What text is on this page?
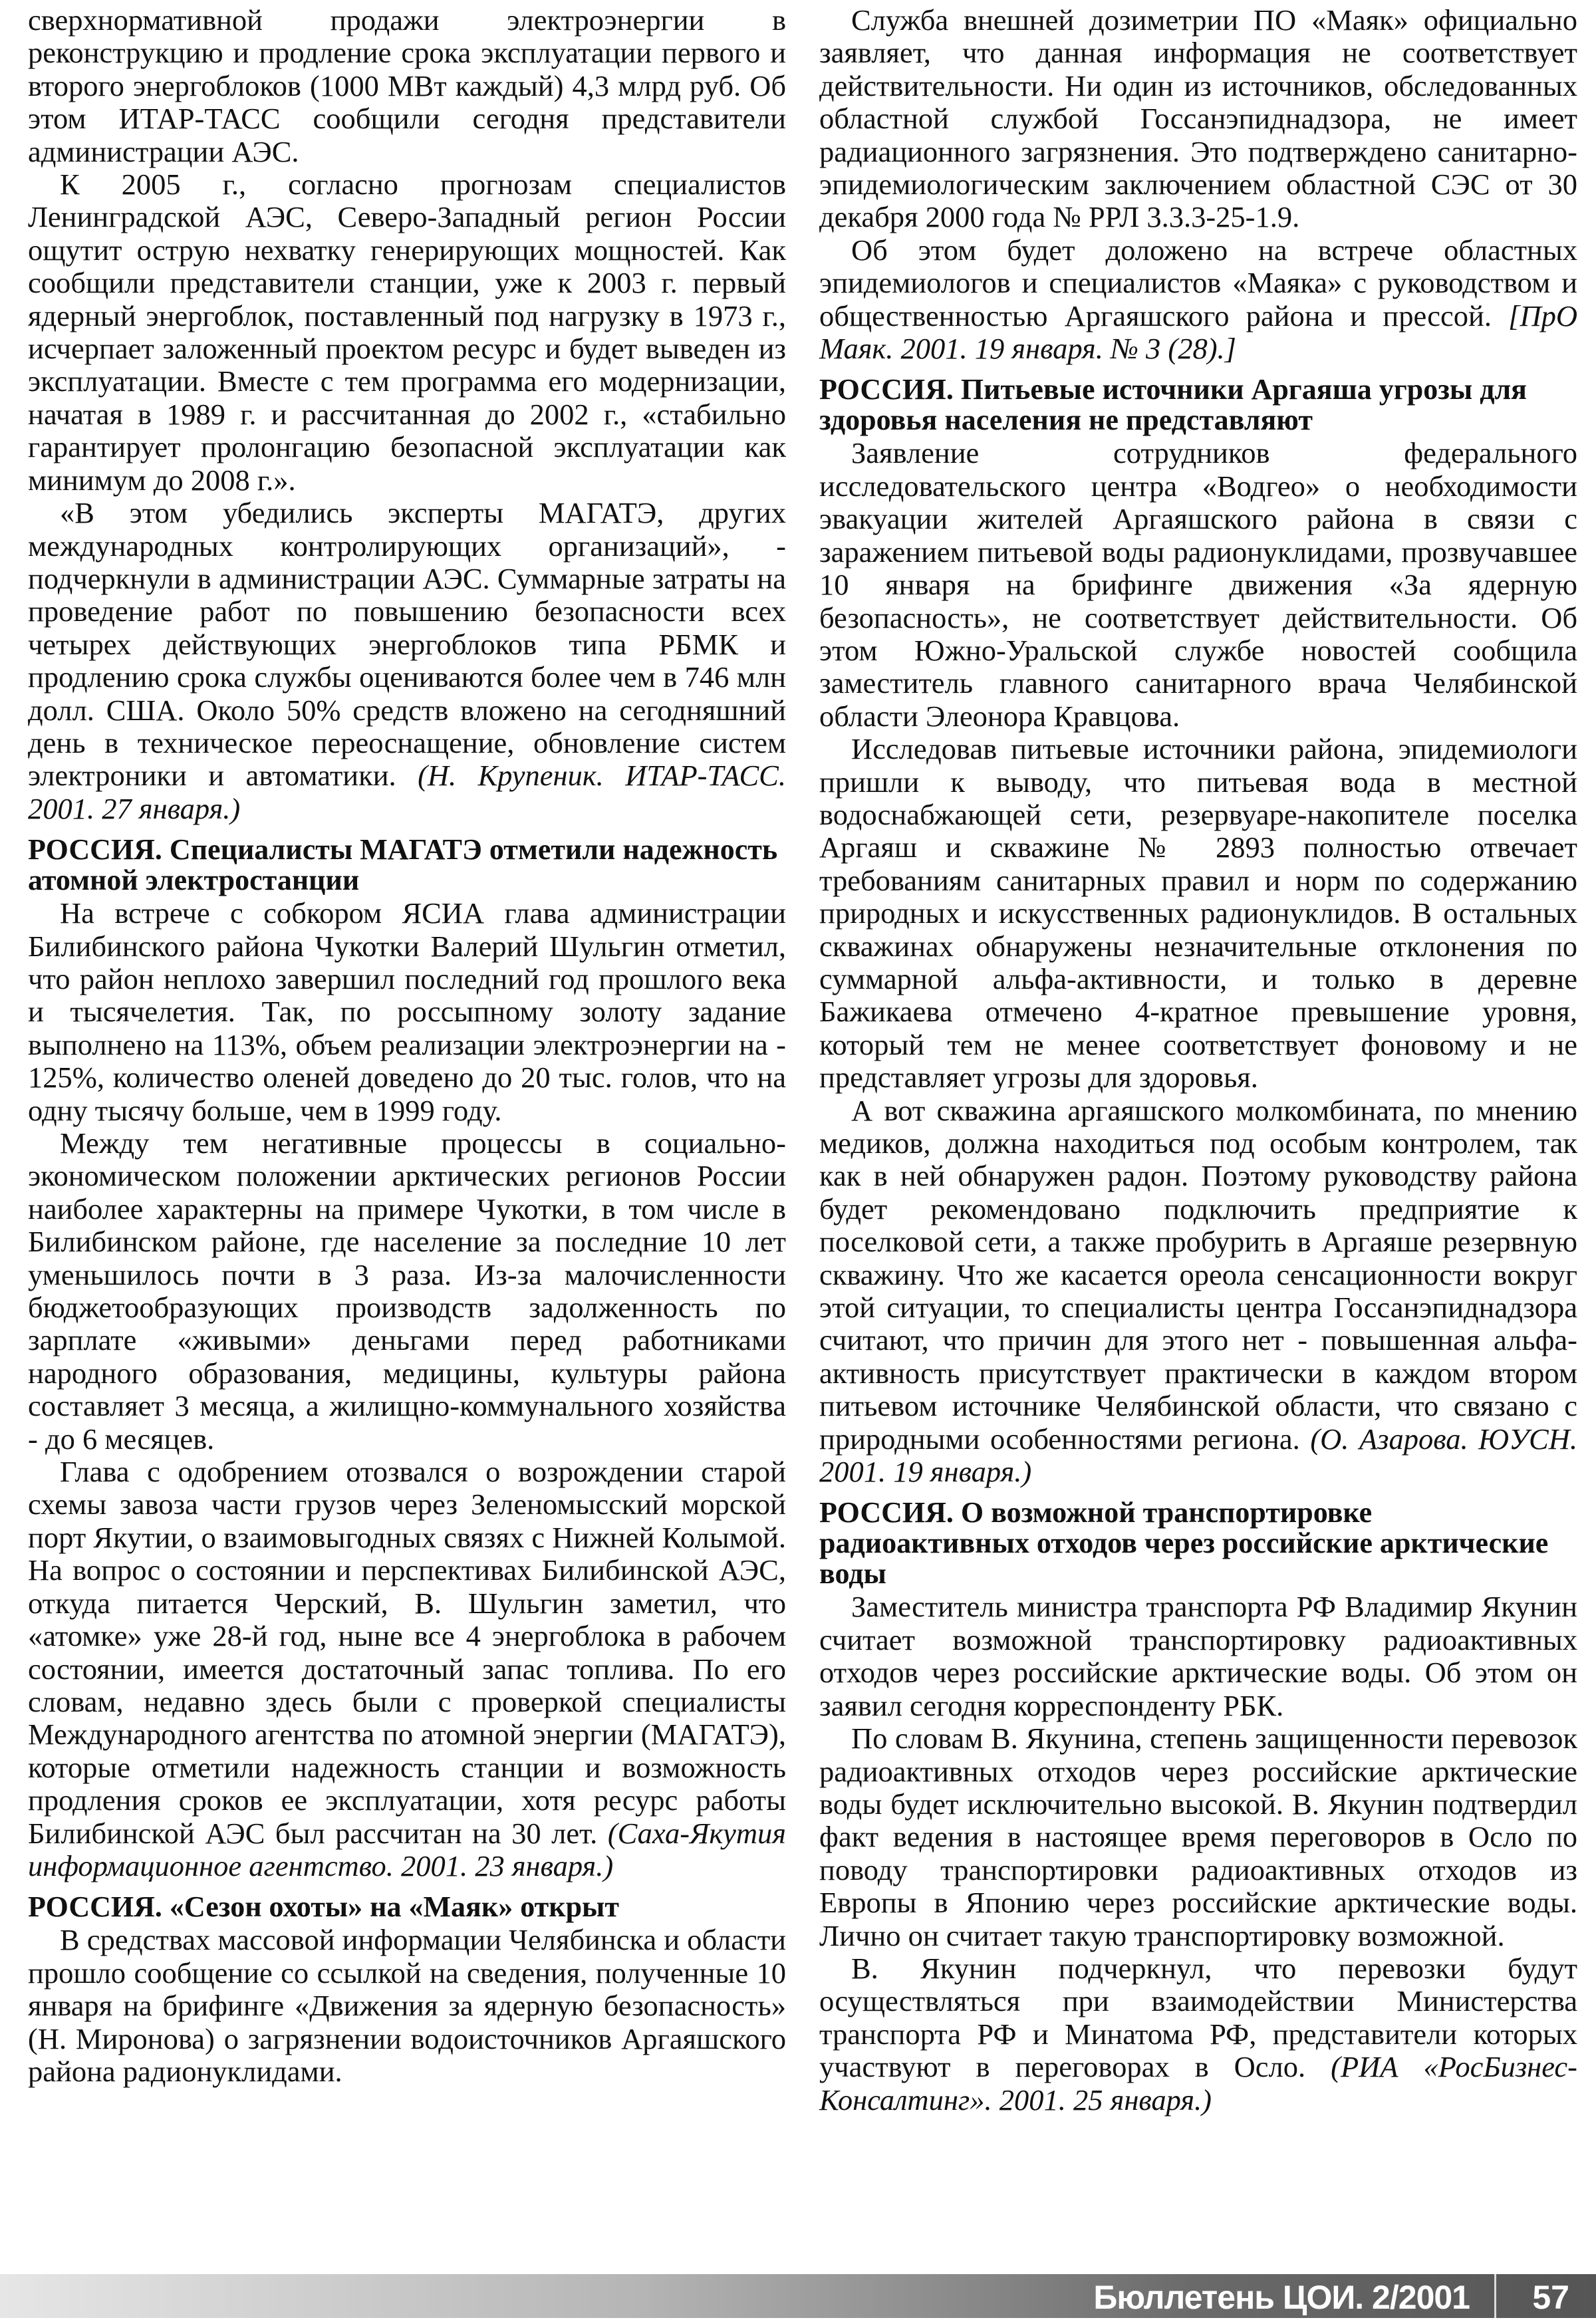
сверхнормативной продажи электроэнергии в реконструкцию и продление срока эксплуатации первого и второго энергоблоков (1000 МВт каждый) 4,3 млрд руб. Об этом ИТАР-ТАСС сообщили сегодня представители администрации АЭС.

К 2005 г., согласно прогнозам специалистов Ленинградской АЭС, Северо-Западный регион России ощутит острую нехватку генерирующих мощностей. Как сообщили представители станции, уже к 2003 г. первый ядерный энергоблок, поставленный под нагрузку в 1973 г., исчерпает заложенный проектом ресурс и будет выведен из эксплуатации. Вместе с тем программа его модернизации, начатая в 1989 г. и рассчитанная до 2002 г., «стабильно гарантирует пролонгацию безопасной эксплуатации как минимум до 2008 г.».

«В этом убедились эксперты МАГАТЭ, других международных контролирующих организаций», - подчеркнули в администрации АЭС. Суммарные затраты на проведение работ по повышению безопасности всех четырех действующих энергоблоков типа РБМК и продлению срока службы оцениваются более чем в 746 млн долл. США. Около 50% средств вложено на сегодняшний день в техническое переоснащение, обновление систем электроники и автоматики. (Н. Крупеник. ИТАР-ТАСС. 2001. 27 января.)

РОССИЯ. Специалисты МАГАТЭ отметили надежность атомной электростанции

На встрече с собкором ЯСИА глава администрации Билибинского района Чукотки Валерий Шульгин отметил, что район неплохо завершил последний год прошлого века и тысячелетия. Так, по россыпному золоту задание выполнено на 113%, объем реализации электроэнергии на - 125%, количество оленей доведено до 20 тыс. голов, что на одну тысячу больше, чем в 1999 году.

Между тем негативные процессы в социально-экономическом положении арктических регионов России наиболее характерны на примере Чукотки, в том числе в Билибинском районе, где население за последние 10 лет уменьшилось почти в 3 раза. Из-за малочисленности бюджетообразующих производств задолженность по зарплате «живыми» деньгами перед работниками народного образования, медицины, культуры района составляет 3 месяца, а жилищно-коммунального хозяйства - до 6 месяцев.

Глава с одобрением отозвался о возрождении старой схемы завоза части грузов через Зеленомысский морской порт Якутии, о взаимовыгодных связях с Нижней Колымой. На вопрос о состоянии и перспективах Билибинской АЭС, откуда питается Черский, В. Шульгин заметил, что «атомке» уже 28-й год, ныне все 4 энергоблока в рабочем состоянии, имеется достаточный запас топлива. По его словам, недавно здесь были с проверкой специалисты Международного агентства по атомной энергии (МАГАТЭ), которые отметили надежность станции и возможность продления сроков ее эксплуатации, хотя ресурс работы Билибинской АЭС был рассчитан на 30 лет. (Саха-Якутия информационное агентство. 2001. 23 января.)

РОССИЯ. «Сезон охоты» на «Маяк» открыт

В средствах массовой информации Челябинска и области прошло сообщение со ссылкой на сведения, полученные 10 января на брифинге «Движения за ядерную безопасность» (Н. Миронова) о загрязнении водоисточников Аргаяшского района радионуклидами.

Служба внешней дозиметрии ПО «Маяк» официально заявляет, что данная информация не соответствует действительности. Ни один из источников, обследованных областной службой Госсанэпиднадзора, не имеет радиационного загрязнения. Это подтверждено санитарно-эпидемиологическим заключением областной СЭС от 30 декабря 2000 года № РРЛ 3.3.3-25-1.9.

Об этом будет доложено на встрече областных эпидемиологов и специалистов «Маяка» с руководством и общественностью Аргаяшского района и прессой. [ПрО Маяк. 2001. 19 января. № 3 (28).]

РОССИЯ. Питьевые источники Аргаяша угрозы для здоровья населения не представляют

Заявление сотрудников федерального исследовательского центра «Водгео» о необходимости эвакуации жителей Аргаяшского района в связи с заражением питьевой воды радионуклидами, прозвучавшее 10 января на брифинге движения «За ядерную безопасность», не соответствует действительности. Об этом Южно-Уральской службе новостей сообщила заместитель главного санитарного врача Челябинской области Элеонора Кравцова.

Исследовав питьевые источники района, эпидемиологи пришли к выводу, что питьевая вода в местной водоснабжающей сети, резервуаре-накопителе поселка Аргаяш и скважине № 2893 полностью отвечает требованиям санитарных правил и норм по содержанию природных и искусственных радионуклидов. В остальных скважинах обнаружены незначительные отклонения по суммарной альфа-активности, и только в деревне Бажикаева отмечено 4-кратное превышение уровня, который тем не менее соответствует фоновому и не представляет угрозы для здоровья.

А вот скважина аргаяшского молкомбината, по мнению медиков, должна находиться под особым контролем, так как в ней обнаружен радон. Поэтому руководству района будет рекомендовано подключить предприятие к поселковой сети, а также пробурить в Аргаяше резервную скважину. Что же касается ореола сенсационности вокруг этой ситуации, то специалисты центра Госсанэпиднадзора считают, что причин для этого нет - повышенная альфа-активность присутствует практически в каждом втором питьевом источнике Челябинской области, что связано с природными особенностями региона. (О. Азарова. ЮУСН. 2001. 19 января.)

РОССИЯ. О возможной транспортировке радиоактивных отходов через российские арктические воды

Заместитель министра транспорта РФ Владимир Якунин считает возможной транспортировку радиоактивных отходов через российские арктические воды. Об этом он заявил сегодня корреспонденту РБК.

По словам В. Якунина, степень защищенности перевозок радиоактивных отходов через российские арктические воды будет исключительно высокой. В. Якунин подтвердил факт ведения в настоящее время переговоров в Осло по поводу транспортировки радиоактивных отходов из Европы в Японию через российские арктические воды. Лично он считает такую транспортировку возможной.

В. Якунин подчеркнул, что перевозки будут осуществляться при взаимодействии Министерства транспорта РФ и Минатома РФ, представители которых участвуют в переговорах в Осло. (РИА «РосБизнес-Консалтинг». 2001. 25 января.)

Бюллетень ЦОИ. 2/2001 57
